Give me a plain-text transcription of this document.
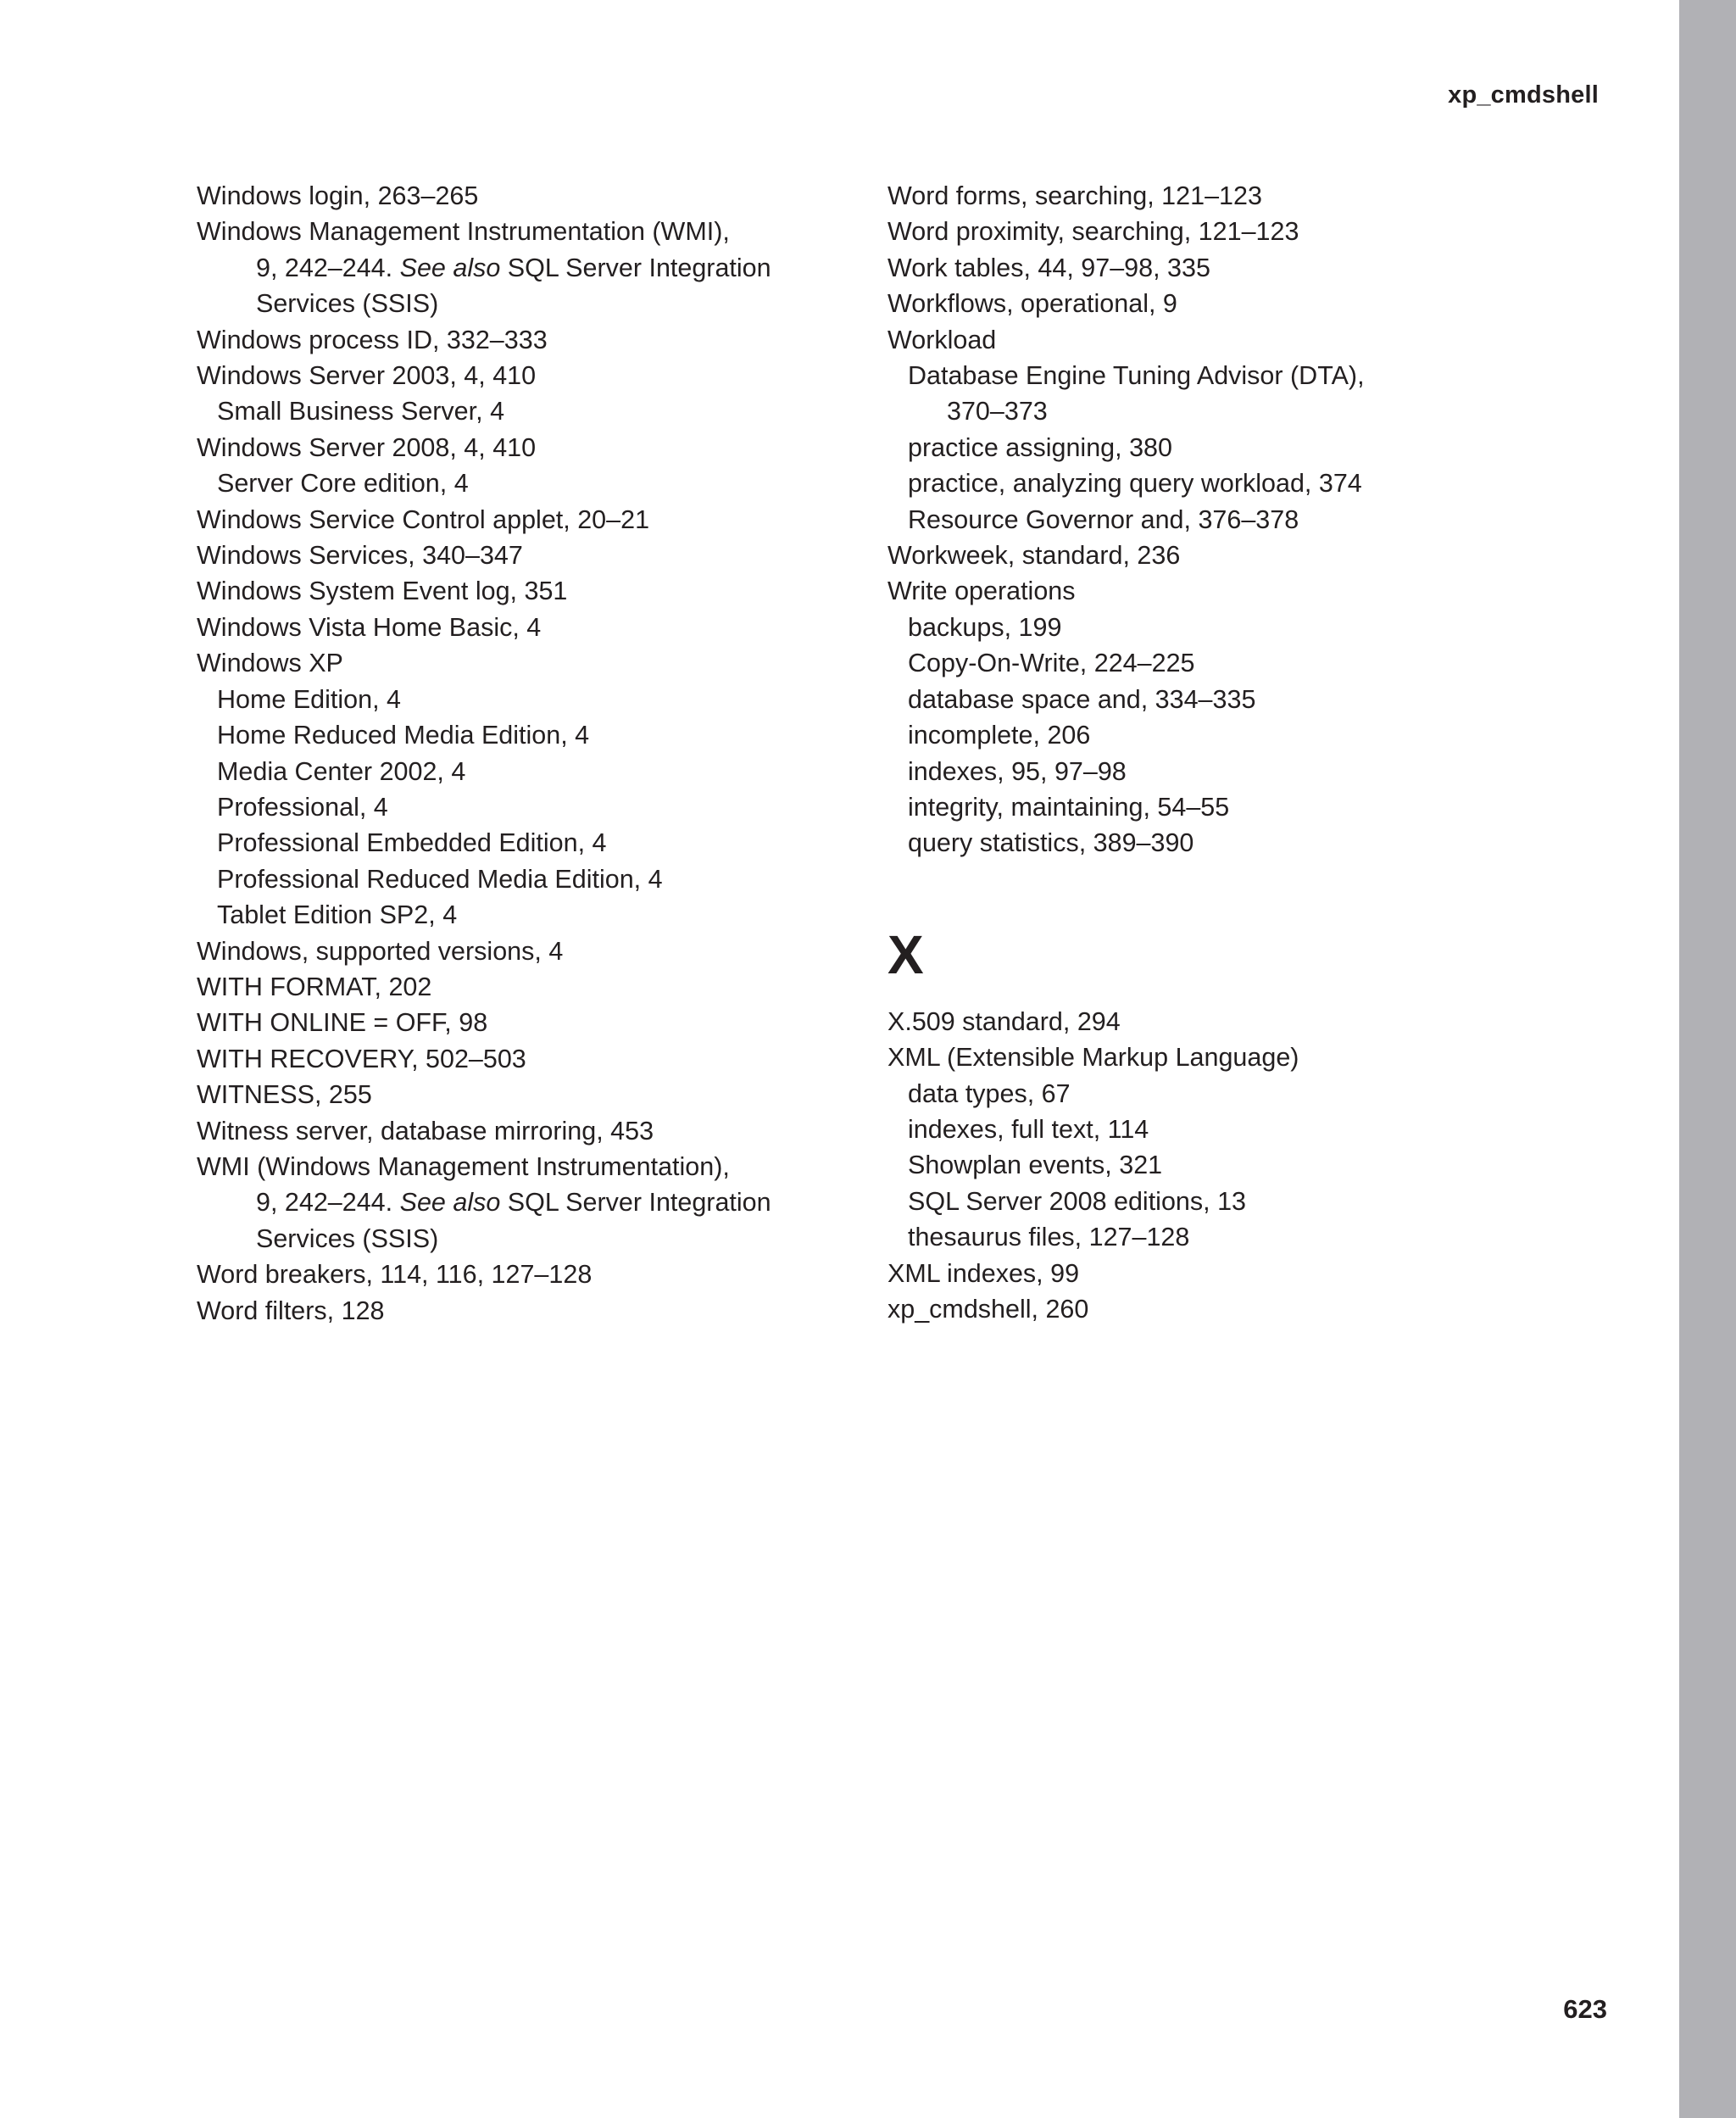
xp_cmdshell
Windows login, 263–265
Windows Management Instrumentation (WMI),
9, 242–244. See also SQL Server Integration
Services (SSIS)
Windows process ID, 332–333
Windows Server 2003, 4, 410
Small Business Server, 4
Windows Server 2008, 4, 410
Server Core edition, 4
Windows Service Control applet, 20–21
Windows Services, 340–347
Windows System Event log, 351
Windows Vista Home Basic, 4
Windows XP
Home Edition, 4
Home Reduced Media Edition, 4
Media Center 2002, 4
Professional, 4
Professional Embedded Edition, 4
Professional Reduced Media Edition, 4
Tablet Edition SP2, 4
Windows, supported versions, 4
WITH FORMAT, 202
WITH ONLINE = OFF, 98
WITH RECOVERY, 502–503
WITNESS, 255
Witness server, database mirroring, 453
WMI (Windows Management Instrumentation),
9, 242–244. See also SQL Server Integration
Services (SSIS)
Word breakers, 114, 116, 127–128
Word filters, 128
Word forms, searching, 121–123
Word proximity, searching, 121–123
Work tables, 44, 97–98, 335
Workflows, operational, 9
Workload
Database Engine Tuning Advisor (DTA),
370–373
practice assigning, 380
practice, analyzing query workload, 374
Resource Governor and, 376–378
Workweek, standard, 236
Write operations
backups, 199
Copy-On-Write, 224–225
database space and, 334–335
incomplete, 206
indexes, 95, 97–98
integrity, maintaining, 54–55
query statistics, 389–390
X
X.509 standard, 294
XML (Extensible Markup Language)
data types, 67
indexes, full text, 114
Showplan events, 321
SQL Server 2008 editions, 13
thesaurus files, 127–128
XML indexes, 99
xp_cmdshell, 260
623
